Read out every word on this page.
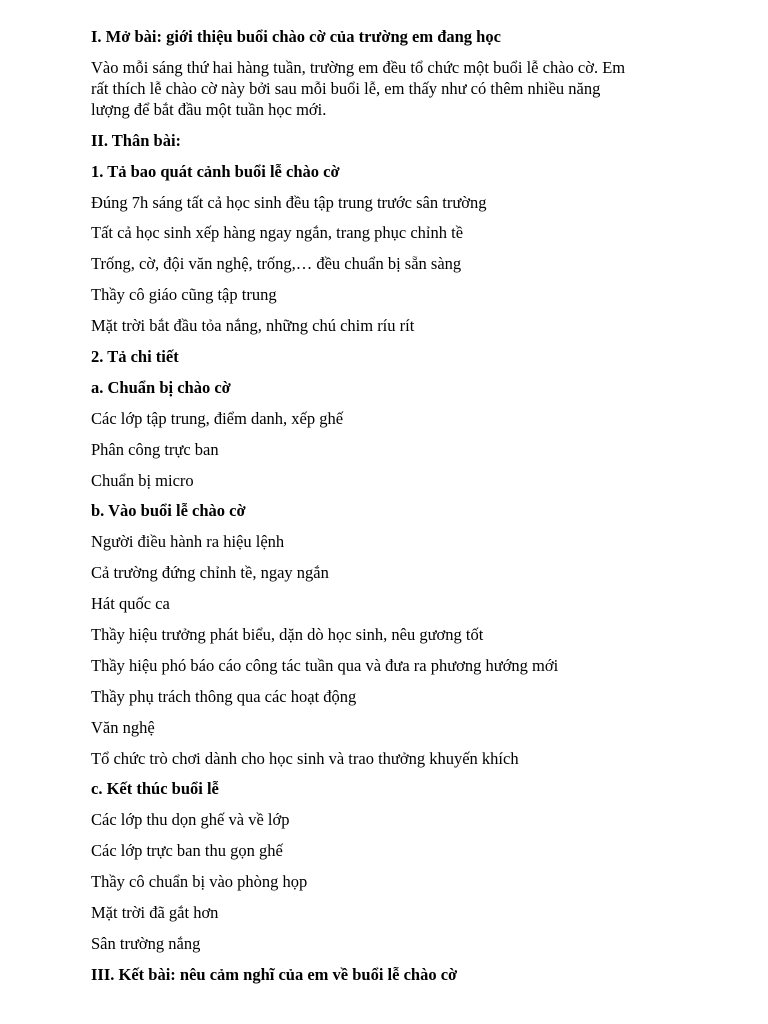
I. Mở bài: giới thiệu buổi chào cờ của trường em đang học
Vào mỗi sáng thứ hai hàng tuần, trường em đều tổ chức một buổi lễ chào cờ. Em
rất thích lễ chào cờ này bởi sau mỗi buổi lễ, em thấy như có thêm nhiều năng
lượng để bắt đầu một tuần học mới.
II. Thân bài:
1. Tả bao quát cảnh buổi lễ chào cờ
Đúng 7h sáng tất cả học sinh đều tập trung trước sân trường
Tất cả học sinh xếp hàng ngay ngắn, trang phục chỉnh tề
Trống, cờ, đội văn nghệ, trống,… đều chuẩn bị sẵn sàng
Thầy cô giáo cũng tập trung
Mặt trời bắt đầu tỏa nắng, những chú chim ríu rít
2. Tả chi tiết
a. Chuẩn bị chào cờ
Các lớp tập trung, điểm danh, xếp ghế
Phân công trực ban
Chuẩn bị micro
b. Vào buổi lễ chào cờ
Người điều hành ra hiệu lệnh
Cả trường đứng chỉnh tề, ngay ngắn
Hát quốc ca
Thầy hiệu trưởng phát biểu, dặn dò học sinh, nêu gương tốt
Thầy hiệu phó báo cáo công tác tuần qua và đưa ra phương hướng mới
Thầy phụ trách thông qua các hoạt động
Văn nghệ
Tổ chức trò chơi dành cho học sinh và trao thưởng khuyến khích
c. Kết thúc buổi lễ
Các lớp thu dọn ghế và về lớp
Các lớp trực ban thu gọn ghế
Thầy cô chuẩn bị vào phòng họp
Mặt trời đã gắt hơn
Sân trường nắng
III. Kết bài: nêu cảm nghĩ của em về buổi lễ chào cờ
